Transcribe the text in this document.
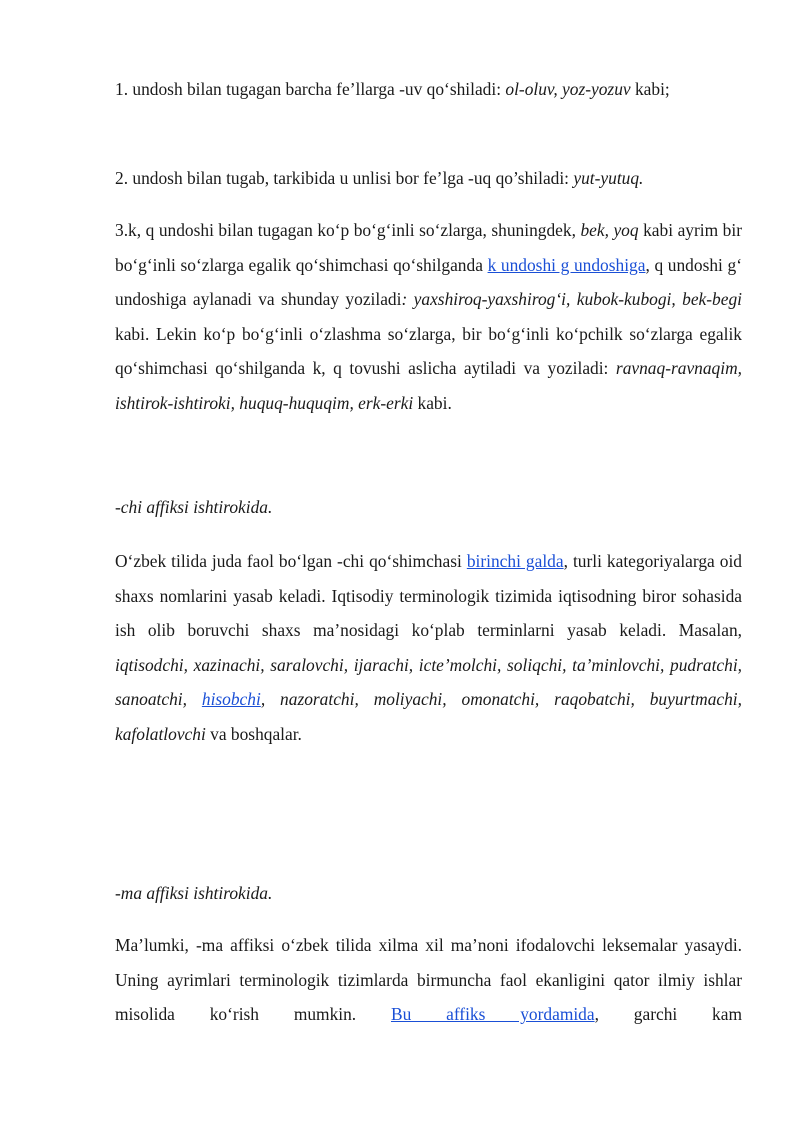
1. undosh bilan tugagan barcha fe’llarga -uv qo‘shiladi: ol-oluv, yoz-yozuv kabi;

2. undosh bilan tugab, tarkibida u unlisi bor fe’lga -uq qo’shiladi: yut-yutuq.

3.k, q undoshi bilan tugagan ko‘p bo‘g‘inli so‘zlarga, shuningdek, bek, yoq kabi ayrim bir bo‘g‘inli so‘zlarga egalik qo‘shimchasi qo‘shilganda k undoshi g undoshiga, q undoshi g‘ undoshiga aylanadi va shunday yoziladi: yaxshiroq-yaxshirog‘i, kubok-kubogi, bek-begi kabi. Lekin ko‘p bo‘g‘inli o‘zlashma so‘zlarga, bir bo‘g‘inli ko‘pchilk so‘zlarga egalik qo‘shimchasi qo‘shilganda k, q tovushi aslicha aytiladi va yoziladi: ravnaq-ravnaqim, ishtirok-ishtiroki, huquq-huquqim, erk-erki kabi.

-chi affiksi ishtirokida.

O‘zbek tilida juda faol bo‘lgan -chi qo‘shimchasi birinchi galda, turli kategoriyalarga oid shaxs nomlarini yasab keladi. Iqtisodiy terminologik tizimida iqtisodning biror sohasida ish olib boruvchi shaxs ma’nosidagi ko‘plab terminlarni yasab keladi. Masalan, iqtisodchi, xazinachi, saralovchi, ijarachi, icte’molchi, soliqchi, ta’minlovchi, pudratchi, sanoatchi, hisobchi, nazoratchi, moliyachi, omonatchi, raqobatchi, buyurtmachi, kafolatlovchi va boshqalar.

-ma affiksi ishtirokida.

Ma’lumki, -ma affiksi o‘zbek tilida xilma xil ma’noni ifodalovchi leksemalar yasaydi. Uning ayrimlari terminologik tizimlarda birmuncha faol ekanligini qator ilmiy ishlar misolida ko‘rish mumkin. Bu affiks yordamida, garchi kam
